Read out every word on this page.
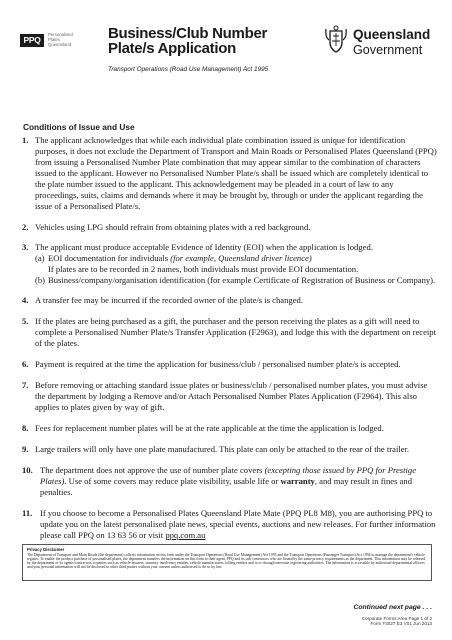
PPQ
Personalised
Plates
Queensland
Business/Club Number
Plate/s Application
Transport Operations (Road Use Management) Act 1995
Queensland
Government
Conditions of Issue and Use

1. The applicant acknowledges that while each individual plate combination issued is unique for identification purposes, it does not exclude the Department of Transport and Main Roads or Personalised Plates Queensland (PPQ) from issuing a Personalised Number Plate combination that may appear similar to the combination of characters issued to the applicant. However no Personalised Number Plate/s shall be issued which are completely identical to the plate number issued to the applicant. This acknowledgement may be pleaded in a court of law to any proceedings, suits, claims and demands where it may be brought by, through or under the applicant regarding the issue of a Personalised Plate/s.

2. Vehicles using LPG should refrain from obtaining plates with a red background.

3. The applicant must produce acceptable Evidence of Identity (EOI) when the application is lodged.
(a) EOI documentation for individuals (for example, Queensland driver licence)
If plates are to be recorded in 2 names, both individuals must provide EOI documentation.
(b) Business/company/organisation identification (for example Certificate of Registration of Business or Company).

4. A transfer fee may be incurred if the recorded owner of the plate/s is changed.

5. If the plates are being purchased as a gift, the purchaser and the person receiving the plates as a gift will need to complete a Personalised Number Plate/s Transfer Application (F2963), and lodge this with the department on receipt of the plates.

6. Payment is required at the time the application for business/club / personalised number plate/s is accepted.

7. Before removing or attaching standard issue plates or business/club / personalised number plates, you must advise the department by lodging a Remove and/or Attach Personalised Number Plates Application (F2964). This also applies to plates given by way of gift.

8. Fees for replacement number plates will be at the rate applicable at the time the application is lodged.

9. Large trailers will only have one plate manufactured. This plate can only be attached to the rear of the trailer.

10. The department does not approve the use of number plate covers (excepting those issued by PPQ for Prestige Plates). Use of some covers may reduce plate visibility, usable life or warranty, and may result in fines and penalties.

11. If you choose to become a Personalised Plates Queensland Plate Mate (PPQ PL8 M8), you are authorising PPQ to update you on the latest personalised plate news, special events, auctions and new releases. For further information please call PPQ on 13 63 56 or visit ppq.com.au

Privacy Disclaimer
The Department of Transport and Main Roads (the department) collects information on this form under the Transport Operations (Road Use Management) Act 1995 and the Transport Operations (Passenger Transport) Act 1994 to manage the department's vehicle register. To enable the product purchase of personalised plates, the department transfers the information on this form to their agent, PPQ and its sub-contractors who are bound by the same privacy requirements as the department. This information may be released by the department or its agents/contractors to parties such as vehicle insurers, statutory insolvency entities, vehicle manufacturers, tolling entities and to or through interstate registering authorities. The information is accessible by authorised departmental officers and your personal information will not be disclosed to other third parties without your consent unless authorised to do so by law.
Continued next page . . .
Corporate Forms Area Page 1 of 2
Form F3027 E3 V01 Jun 2013
